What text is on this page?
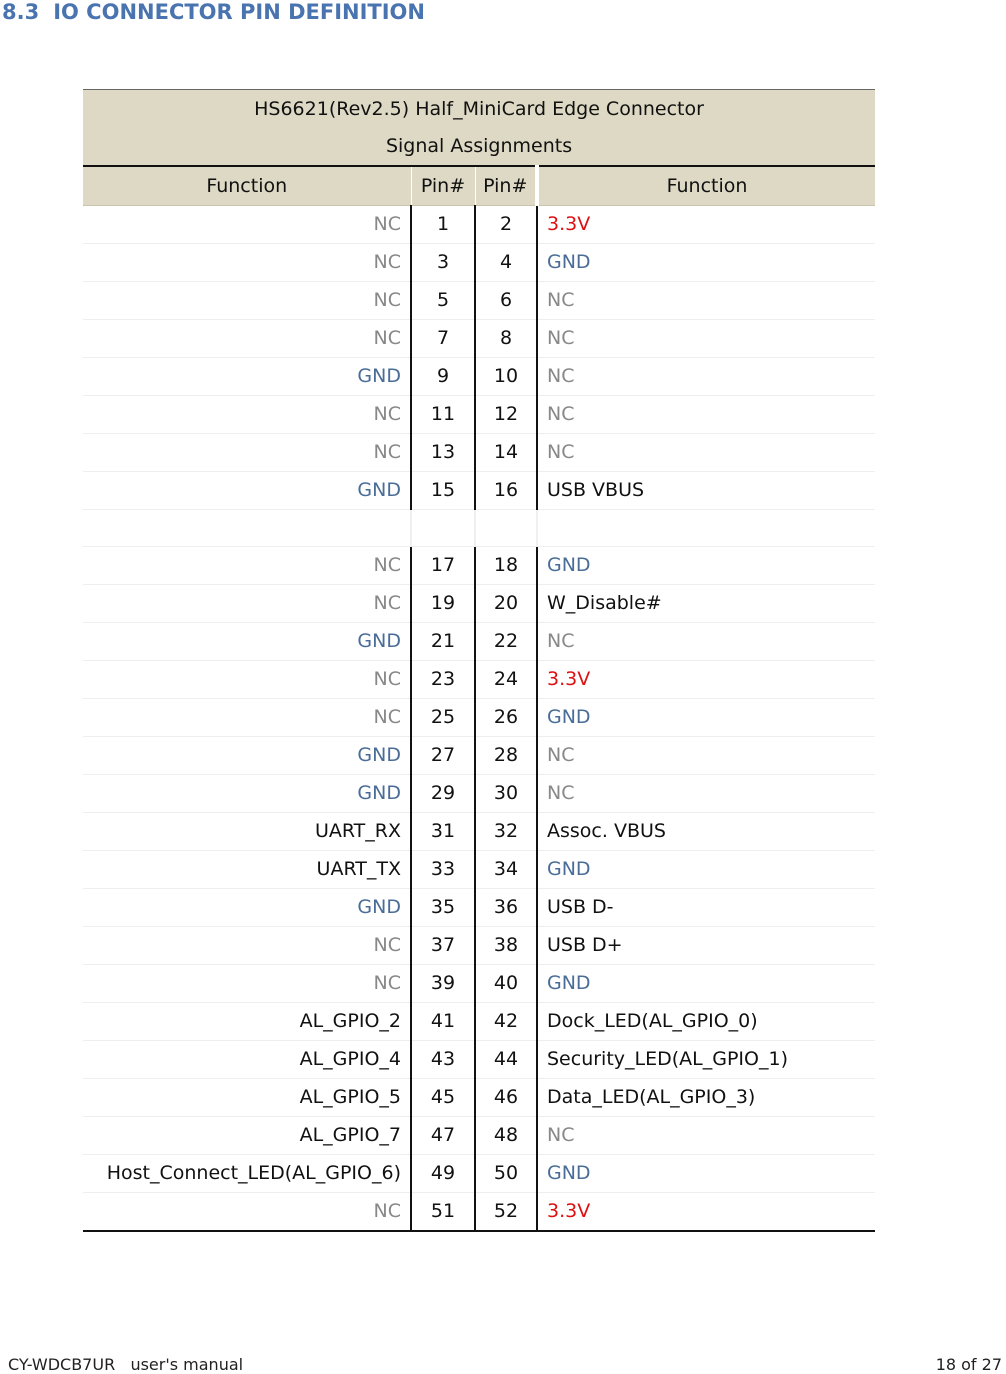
8.3 IO CONNECTOR PIN DEFINITION
HS6621(Rev2.5) Half_MiniCard Edge Connector
Signal Assignments			

Function	Pin#	Pin#	Function
NC	1	2	3.3V
NC	3	4	GND
NC	5	6	NC
NC	7	8	NC
GND	9	10	NC
NC	11	12	NC
NC	13	14	NC
GND	15	16	USB VBUS

NC	17	18	GND
NC	19	20	W_Disable#
GND	21	22	NC
NC	23	24	3.3V
NC	25	26	GND
GND	27	28	NC
GND	29	30	NC
UART_RX	31	32	Assoc. VBUS
UART_TX	33	34	GND
GND	35	36	USB D-
NC	37	38	USB D+
NC	39	40	GND
AL_GPIO_2	41	42	Dock_LED(AL_GPIO_0)
AL_GPIO_4	43	44	Security_LED(AL_GPIO_1)
AL_GPIO_5	45	46	Data_LED(AL_GPIO_3)
AL_GPIO_7	47	48	NC
Host_Connect_LED(AL_GPIO_6)	49	50	GND
NC	51	52	3.3V
CY-WDCB7UR   user's manual	18 of 27
